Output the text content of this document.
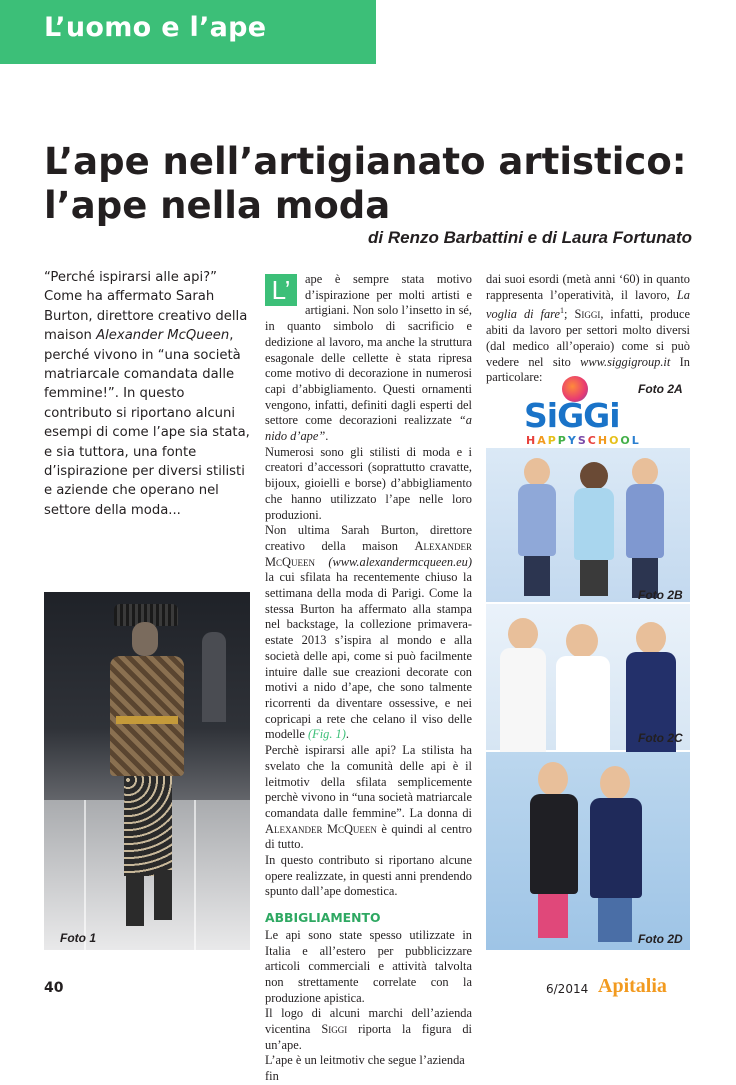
L’uomo e l’ape
L’ape nell’artigianato artistico:
l’ape nella moda
di Renzo Barbattini e di Laura Fortunato
“Perché ispirarsi alle api?” Come ha affermato Sarah Burton, direttore creativo della maison Alexander McQueen, perché vivono in “una società matriarcale comandata dalle femmine!”. In questo contributo si riportano alcuni esempi di come l’ape sia stata, e sia tuttora, una fonte d’ispirazione per diversi stilisti e aziende che operano nel settore della moda...
Foto 1

L’	ape è sempre stata motivo d’ispirazione per molti artisti e artigiani. Non solo l’insetto in sé, in quanto simbolo di sacrificio e dedizione al lavoro, ma anche la struttura esagonale delle cellette è stata ripresa come motivo di decorazione in numerosi capi d’abbigliamento. Questi ornamenti vengono, infatti, definiti dagli esperti del settore come decorazioni realizzate “a nido d’ape”.

Numerosi sono gli stilisti di moda e i creatori d’accessori (soprattutto cravatte, bijoux, gioielli e borse) d’abbigliamento che hanno utilizzato l’ape nelle loro produzioni.

Non ultima Sarah Burton, direttore creativo della maison Alexander McQueen (www.alexandermcqueen.eu) la cui sfilata ha recentemente chiuso la settimana della moda di Parigi. Come la stessa Burton ha affermato alla stampa nel backstage, la collezione primavera-estate 2013 s’ispira al mondo e alla società delle api, come si può facilmente intuire dalle sue creazioni decorate con motivi a nido d’ape, che sono talmente ricorrenti da diventare ossessive, e nei copricapi a rete che celano il viso delle modelle (Fig. 1).

Perchè ispirarsi alle api? La stilista ha svelato che la comunità delle api è il leitmotiv della sfilata semplicemente perchè vivono in “una società matriarcale comandata dalle femmine”. La donna di Alexander McQueen è quindi al centro di tutto.

In questo contributo si riportano alcune opere realizzate, in questi anni prendendo spunto dall’ape domestica.

ABBIGLIAMENTO

Le api sono state spesso utilizzate in Italia e all’estero per pubblicizzare articoli commerciali e attività talvolta non strettamente correlate con la produzione apistica.

Il logo di alcuni marchi dell’azienda vicentina Siggi riporta la figura di un’ape.

L’ape è un leitmotiv che segue l’azienda fin

dai suoi esordi (metà anni ‘60) in quanto rappresenta l’operatività, il lavoro, La voglia di fare$^1$; Siggi, infatti, produce abiti da lavoro per settori molto diversi (dal medico all’operaio) come si può vedere nel sito www.siggigroup.it In particolare:

SiGGi
HAPPYSCHOOL
Foto 2A
Foto 2B
Foto 2C
Foto 2D
40	6/2014 Apitalia
